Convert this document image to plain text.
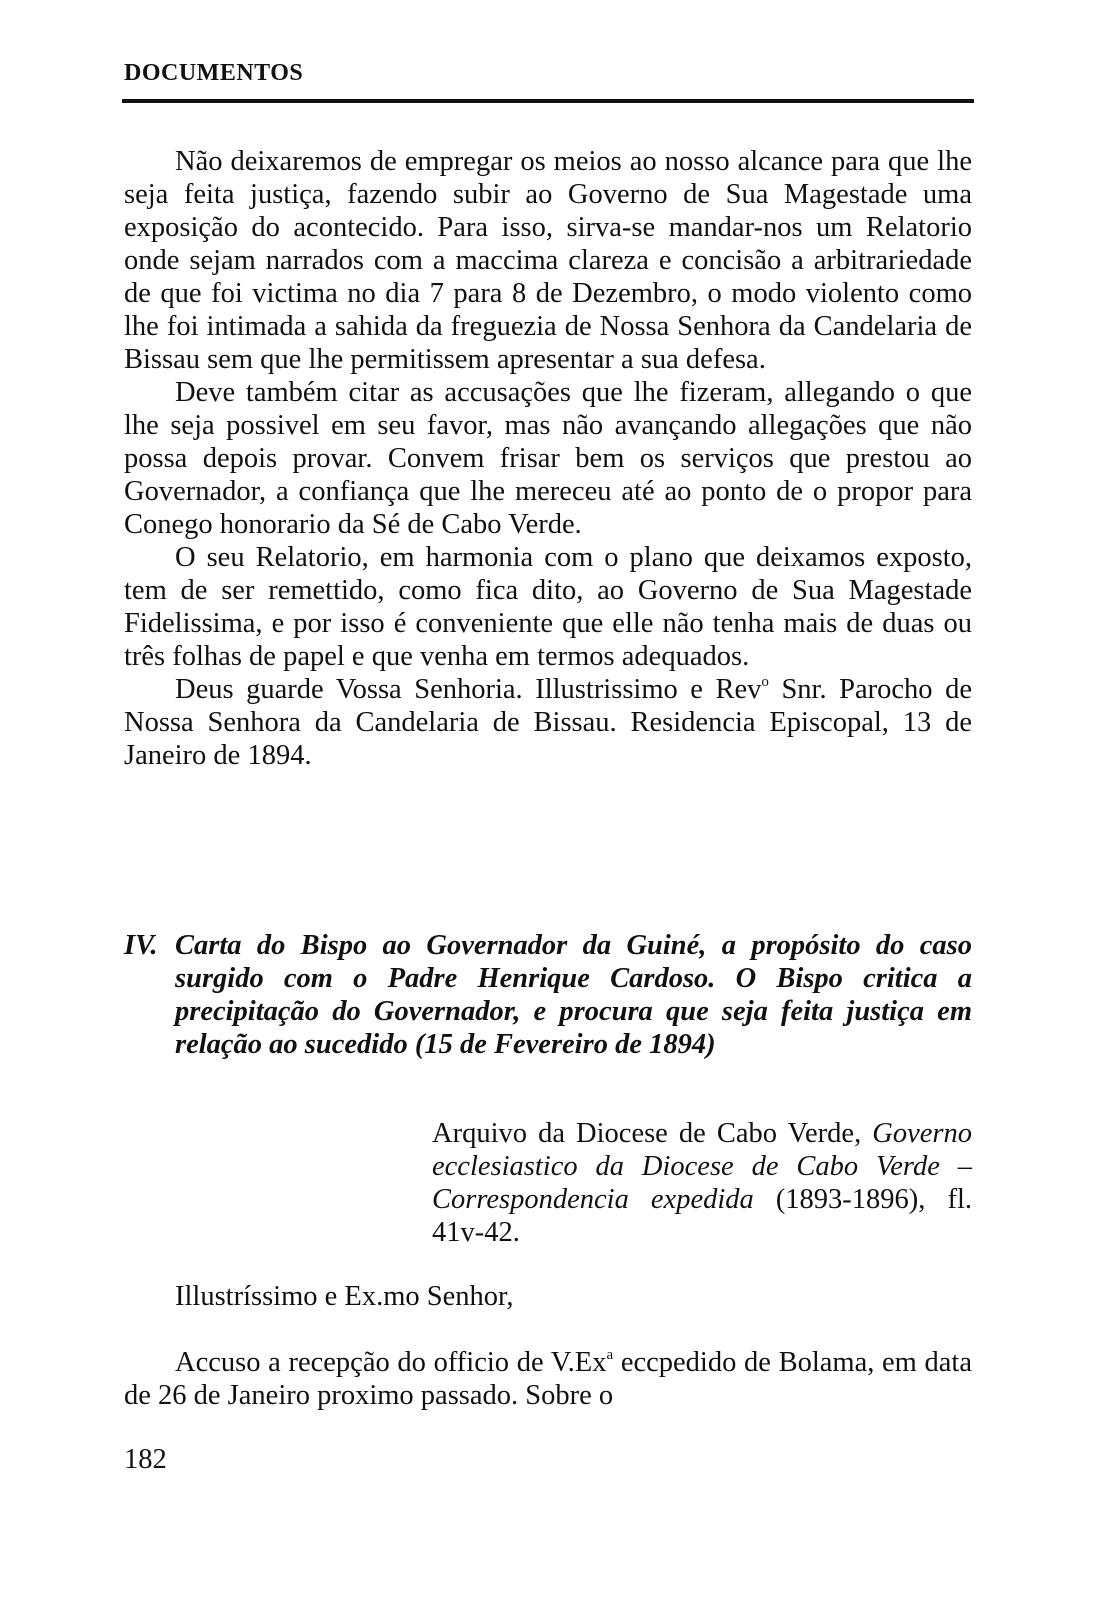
DOCUMENTOS

Não deixaremos de empregar os meios ao nosso alcance para que lhe seja feita justiça, fazendo subir ao Governo de Sua Magestade uma exposição do acontecido. Para isso, sirva-se mandar-nos um Relatorio onde sejam narrados com a maccima clareza e concisão a arbitrariedade de que foi victima no dia 7 para 8 de Dezembro, o modo violento como lhe foi intimada a sahida da freguezia de Nossa Senhora da Candelaria de Bissau sem que lhe permitissem apresentar a sua defesa.

Deve também citar as accusações que lhe fizeram, allegando o que lhe seja possivel em seu favor, mas não avançando allegações que não possa depois provar. Convem frisar bem os serviços que prestou ao Governador, a confiança que lhe mereceu até ao ponto de o propor para Conego honorario da Sé de Cabo Verde.

O seu Relatorio, em harmonia com o plano que deixamos exposto, tem de ser remettido, como fica dito, ao Governo de Sua Magestade Fidelissima, e por isso é conveniente que elle não tenha mais de duas ou três folhas de papel e que venha em termos adequados.

Deus guarde Vossa Senhoria. Illustrissimo e Rev$^o$ Snr. Parocho de Nossa Senhora da Candelaria de Bissau. Residencia Episcopal, 13 de Janeiro de 1894.

IV. Carta do Bispo ao Governador da Guiné, a propósito do caso surgido com o Padre Henrique Cardoso. O Bispo critica a precipitação do Governador, e procura que seja feita justiça em relação ao sucedido (15 de Fevereiro de 1894)
Arquivo da Diocese de Cabo Verde, Governo ecclesiastico da Diocese de Cabo Verde – Correspondencia expedida (1893-1896), fl. 41v-42.
Illustríssimo e Ex.mo Senhor,

Accuso a recepção do officio de V.Ex$^a$ eccpedido de Bolama, em data de 26 de Janeiro proximo passado. Sobre o

182
